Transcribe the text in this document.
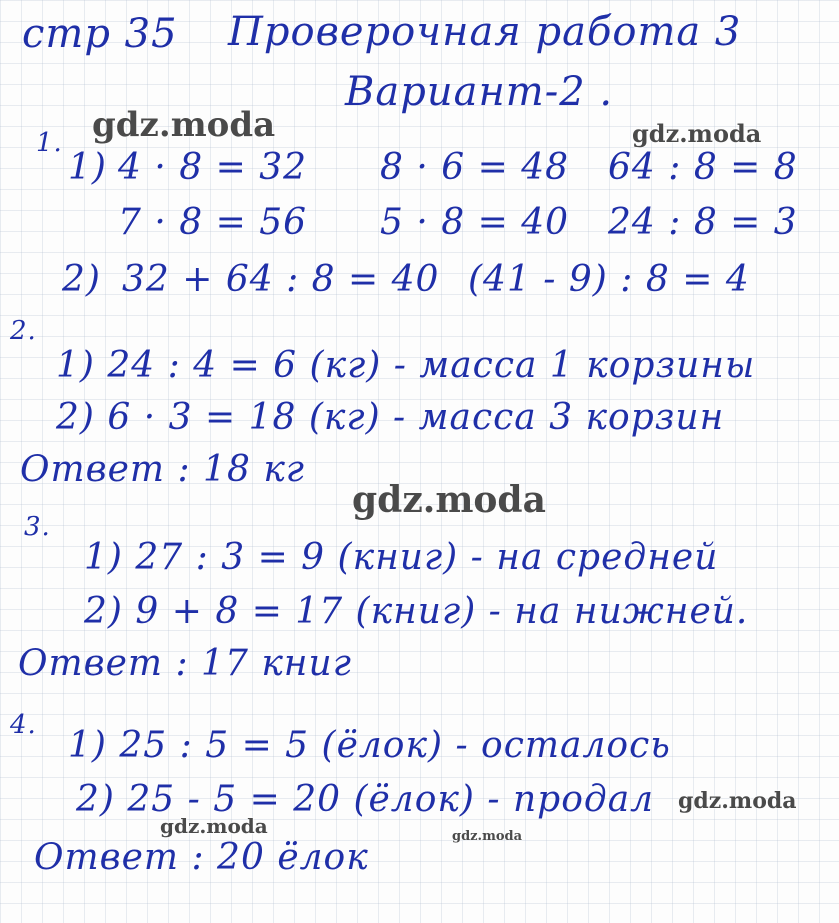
стр 35 Проверочная работа 3
Вариант-2 .
1.
1) 4 · 8 = 32 8 · 6 = 48 64 : 8 = 8
7 · 8 = 56 5 · 8 = 40 24 : 8 = 3
2) 32 + 64 : 8 = 40 (41 - 9) : 8 = 4
2.
1) 24 : 4 = 6 (кг) - масса 1 корзины
2) 6 · 3 = 18 (кг) - масса 3 корзин
Ответ : 18 кг
3.
1) 27 : 3 = 9 (книг) - на средней
2) 9 + 8 = 17 (книг) - на нижней.
Ответ : 17 книг
4. 1) 25 : 5 = 5 (ёлок) - осталось
2) 25 - 5 = 20 (ёлок) - продал
Ответ : 20 ёлок
gdz.moda	gdz.moda
gdz.moda
gdz.moda
gdz.moda	gdz.moda
